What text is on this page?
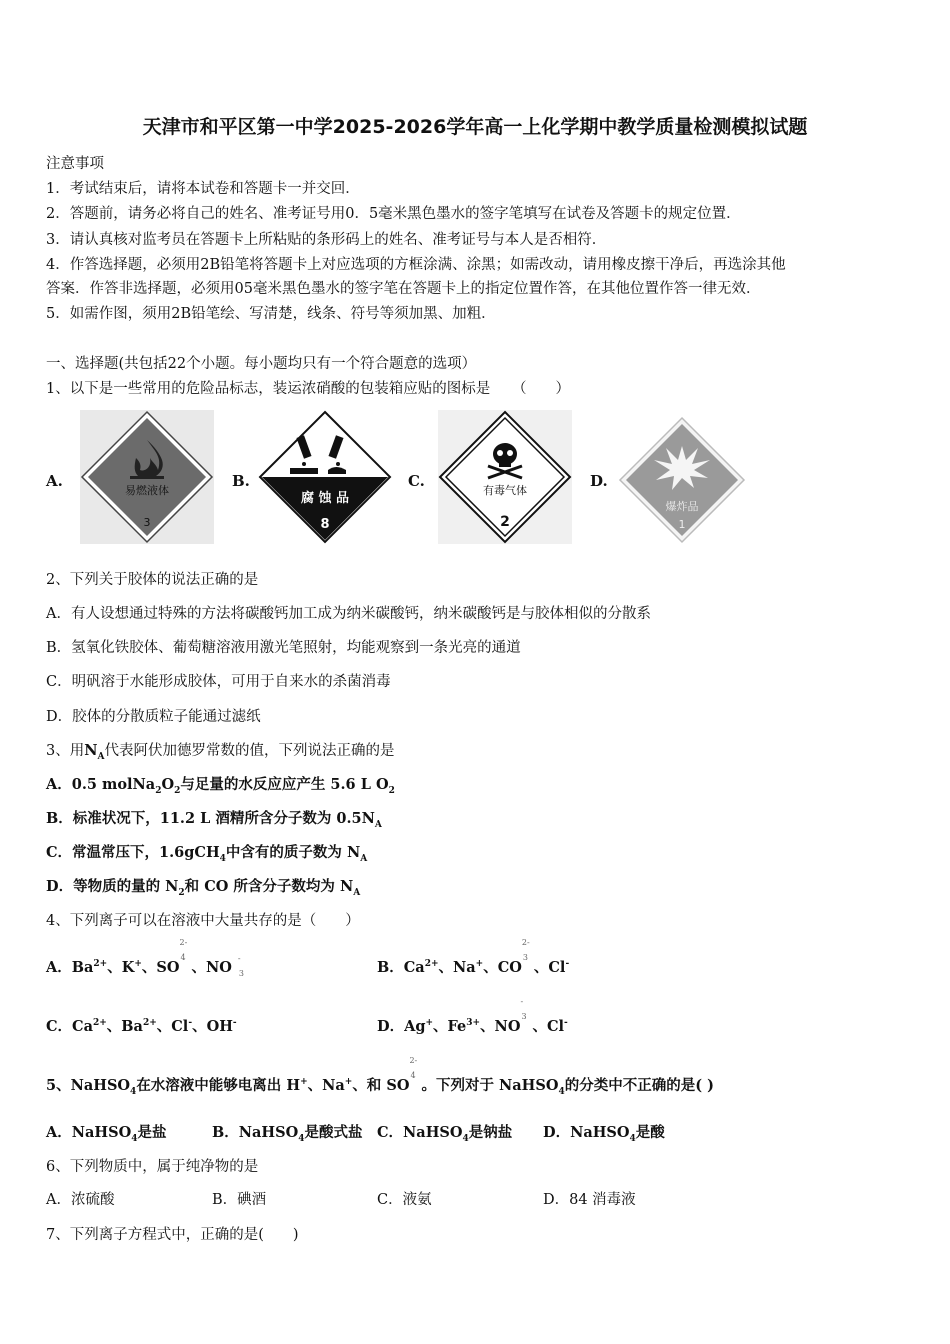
天津市和平区第一中学2025-2026学年高一上化学期中教学质量检测模拟试题
注意事项
1．考试结束后，请将本试卷和答题卡一并交回．
2．答题前，请务必将自己的姓名、准考证号用0．5毫米黑色墨水的签字笔填写在试卷及答题卡的规定位置．
3．请认真核对监考员在答题卡上所粘贴的条形码上的姓名、准考证号与本人是否相符．
4．作答选择题，必须用2B铅笔将答题卡上对应选项的方框涂满、涂黑；如需改动，请用橡皮擦干净后，再选涂其他
答案．作答非选择题，必须用05毫米黑色墨水的签字笔在答题卡上的指定位置作答，在其他位置作答一律无效．
5．如需作图，须用2B铅笔绘、写清楚，线条、符号等须加黑、加粗．
一、选择题(共包括22个小题。每小题均只有一个符合题意的选项）
1、以下是一些常用的危险品标志，装运浓硝酸的包装箱应贴的图标是　　（　　）
A.	B.	C.	D.
易燃液体
3
腐 蚀 品
8
有毒气体
2
爆炸品
1
2、下列关于胶体的说法正确的是
A．有人设想通过特殊的方法将碳酸钙加工成为纳米碳酸钙，纳米碳酸钙是与胶体相似的分散系
B．氢氧化铁胶体、葡萄糖溶液用激光笔照射，均能观察到一条光亮的通道
C．明矾溶于水能形成胶体，可用于自来水的杀菌消毒
D．胶体的分散质粒子能通过滤纸
3、用$N_A$代表阿伏加德罗常数的值，下列说法正确的是
A．0.5 $molNa_2O_2$与足量的水反应应产生 5.6 L $O_2$
B．标准状况下，11.2 L 酒精所含分子数为 $0.5N_A$
C．常温常压下，1.6gCH$_4$中含有的质子数为 $N_A$
D．等物质的量的 $N_2$和 CO 所含分子数均为 $N_A$
4、下列离子可以在溶液中大量共存的是（　　）
A．$Ba^{2+}$、K+、SO
2-
4
、NO
-
3	B．$Ca^{2+}$、Na+、CO
2-
3
、Cl-
C．$Ca^{2+}$、$Ba^{2+}$、Cl-、OH-	D．Ag+、$Fe^{3+}$、NO
-
3
、Cl-
5、NaHSO$_4$在水溶液中能够电离出 H+、Na+、和 SO
2-
4
。下列对于 NaHSO$_4$的分类中不正确的是( )
A．NaHSO$_4$是盐	B．NaHSO$_4$是酸式盐 C．NaHSO$_4$是钠盐 D．NaHSO$_4$是酸
6、下列物质中，属于纯净物的是
A．浓硫酸	B．碘酒	C．液氨	D．84 消毒液
7、下列离子方程式中，正确的是(　　)
